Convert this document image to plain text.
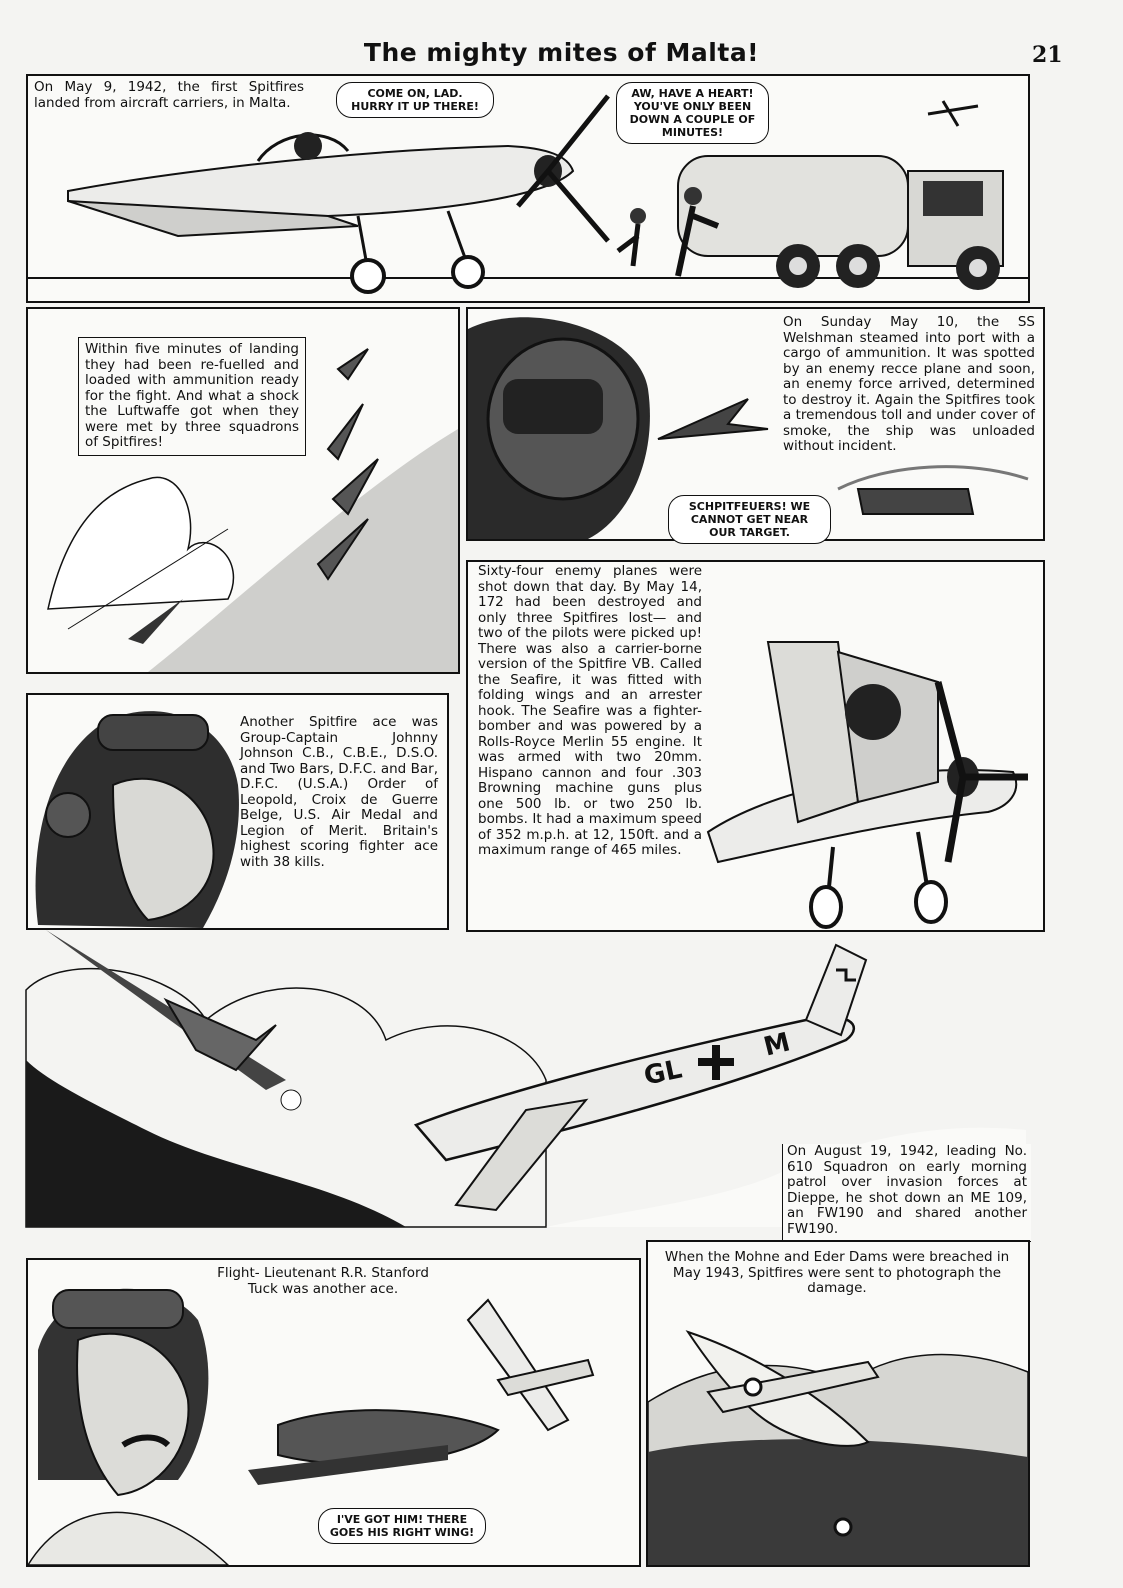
The mighty mites of Malta!	21
On May 9, 1942, the first Spitfires landed from aircraft carriers, in Malta.
COME ON, LAD. HURRY IT UP THERE!
AW, HAVE A HEART! YOU'VE ONLY BEEN DOWN A COUPLE OF MINUTES!
Within five minutes of landing they had been re-fuelled and loaded with ammunition ready for the fight. And what a shock the Luftwaffe got when they were met by three squadrons of Spitfires!
On Sunday May 10, the SS Welshman steamed into port with a cargo of ammunition. It was spotted by an enemy recce plane and soon, an enemy force arrived, determined to destroy it. Again the Spitfires took a tremendous toll and under cover of smoke, the ship was unloaded without incident.
SCHPITFEUERS! WE CANNOT GET NEAR OUR TARGET.
Another Spitfire ace was Group-Captain Johnny Johnson C.B., C.B.E., D.S.O. and Two Bars, D.F.C. and Bar, D.F.C. (U.S.A.) Order of Leopold, Croix de Guerre Belge, U.S. Air Medal and Legion of Merit. Britain's highest scoring fighter ace with 38 kills.
Sixty-four enemy planes were shot down that day. By May 14, 172 had been destroyed and only three Spitfires lost— and two of the pilots were picked up! There was also a carrier-borne version of the Spitfire VB. Called the Seafire, it was fitted with folding wings and an arrester hook. The Seafire was a fighter-bomber and was powered by a Rolls-Royce Merlin 55 engine. It was armed with two 20mm. Hispano cannon and four .303 Browning machine guns plus one 500 lb. or two 250 lb. bombs. It had a maximum speed of 352 m.p.h. at 12, 150ft. and a maximum range of 465 miles.
GL
M
On August 19, 1942, leading No. 610 Squadron on early morning patrol over invasion forces at Dieppe, he shot down an ME 109, an FW190 and shared another FW190.
Flight- Lieutenant R.R. Stanford Tuck was another ace.
I'VE GOT HIM! THERE GOES HIS RIGHT WING!
When the Mohne and Eder Dams were breached in May 1943, Spitfires were sent to photograph the damage.
